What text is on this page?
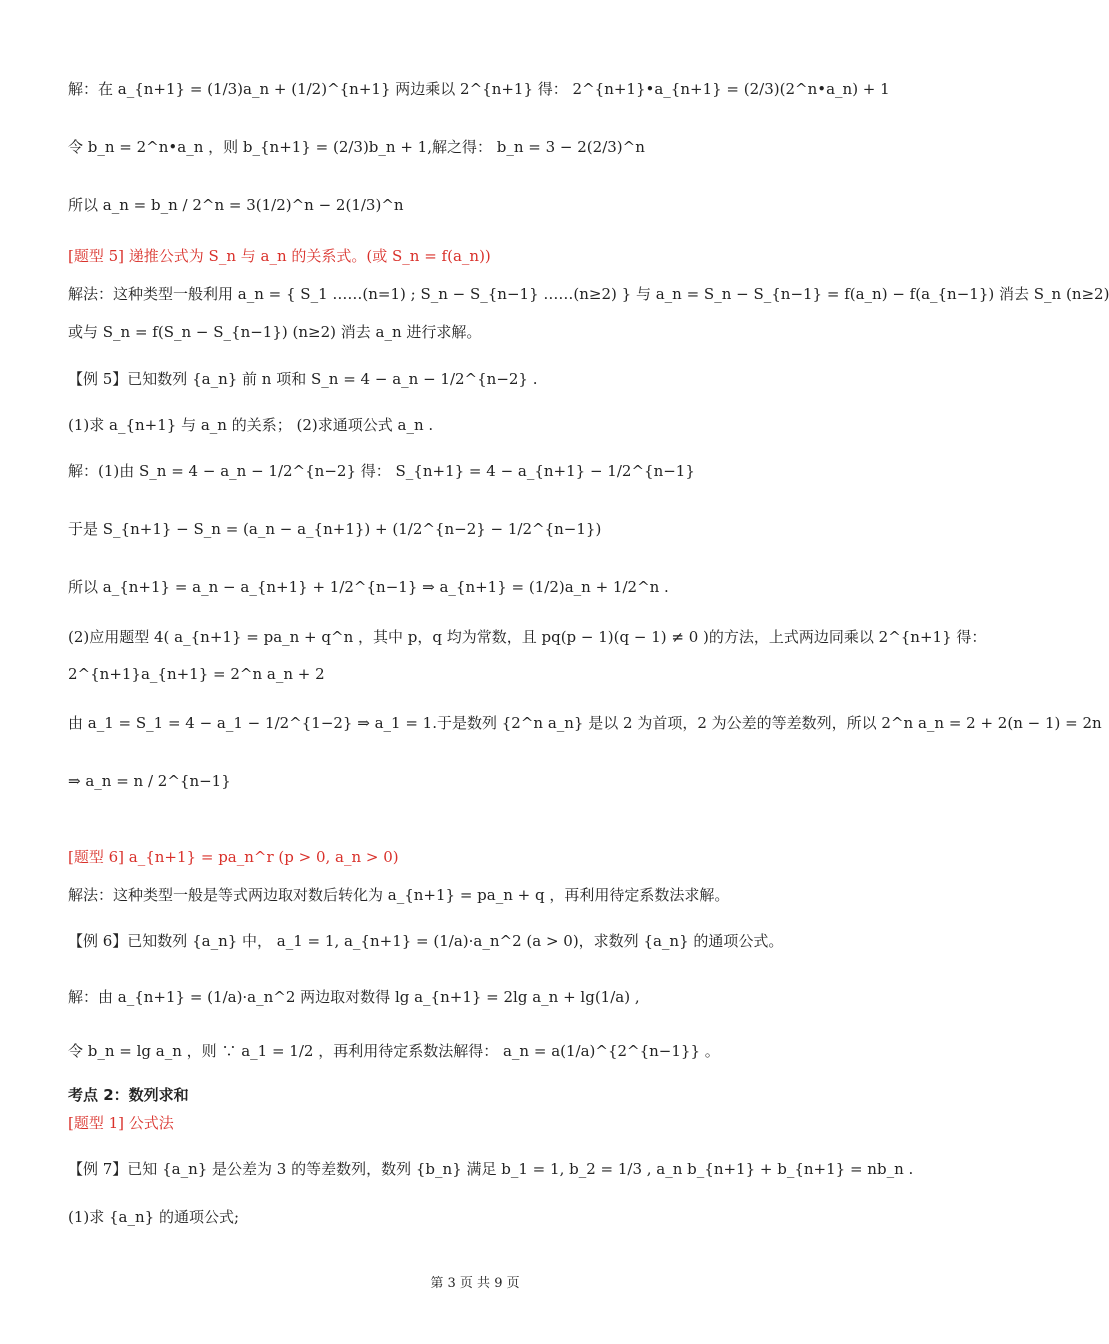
解：在 a_{n+1} = (1/3)a_n + (1/2)^{n+1} 两边乘以 2^{n+1} 得： 2^{n+1}•a_{n+1} = (2/3)(2^n•a_n) + 1
令 b_n = 2^n•a_n ，则 b_{n+1} = (2/3)b_n + 1,解之得： b_n = 3 − 2(2/3)^n
所以 a_n = b_n / 2^n = 3(1/2)^n − 2(1/3)^n
[题型 5] 递推公式为 S_n 与 a_n 的关系式。(或 S_n = f(a_n))
解法：这种类型一般利用 a_n = { S_1 ……(n=1) ; S_n − S_{n−1} ……(n≥2) } 与 a_n = S_n − S_{n−1} = f(a_n) − f(a_{n−1}) 消去 S_n (n≥2)
或与 S_n = f(S_n − S_{n−1}) (n≥2) 消去 a_n 进行求解。
【例 5】已知数列 {a_n} 前 n 项和 S_n = 4 − a_n − 1/2^{n−2} .
(1)求 a_{n+1} 与 a_n 的关系； (2)求通项公式 a_n .
解：(1)由 S_n = 4 − a_n − 1/2^{n−2} 得： S_{n+1} = 4 − a_{n+1} − 1/2^{n−1}
于是 S_{n+1} − S_n = (a_n − a_{n+1}) + (1/2^{n−2} − 1/2^{n−1})
所以 a_{n+1} = a_n − a_{n+1} + 1/2^{n−1} ⇒ a_{n+1} = (1/2)a_n + 1/2^n .
(2)应用题型 4( a_{n+1} = pa_n + q^n ，其中 p，q 均为常数，且 pq(p − 1)(q − 1) ≠ 0 )的方法，上式两边同乘以 2^{n+1} 得：
2^{n+1}a_{n+1} = 2^n a_n + 2
由 a_1 = S_1 = 4 − a_1 − 1/2^{1−2} ⇒ a_1 = 1.于是数列 {2^n a_n} 是以 2 为首项，2 为公差的等差数列，所以 2^n a_n = 2 + 2(n − 1) = 2n
⇒ a_n = n / 2^{n−1}
[题型 6] a_{n+1} = pa_n^r (p > 0, a_n > 0)
解法：这种类型一般是等式两边取对数后转化为 a_{n+1} = pa_n + q ，再利用待定系数法求解。
【例 6】已知数列 {a_n} 中， a_1 = 1, a_{n+1} = (1/a)·a_n^2 (a > 0)，求数列 {a_n} 的通项公式。
解：由 a_{n+1} = (1/a)·a_n^2 两边取对数得 lg a_{n+1} = 2lg a_n + lg(1/a) ,
令 b_n = lg a_n ，则 ∵ a_1 = 1/2 ，再利用待定系数法解得： a_n = a(1/a)^{2^{n−1}} 。
考点 2：数列求和
[题型 1] 公式法
【例 7】已知 {a_n} 是公差为 3 的等差数列，数列 {b_n} 满足 b_1 = 1, b_2 = 1/3 , a_n b_{n+1} + b_{n+1} = nb_n .
(1)求 {a_n} 的通项公式;
第 3 页 共 9 页
